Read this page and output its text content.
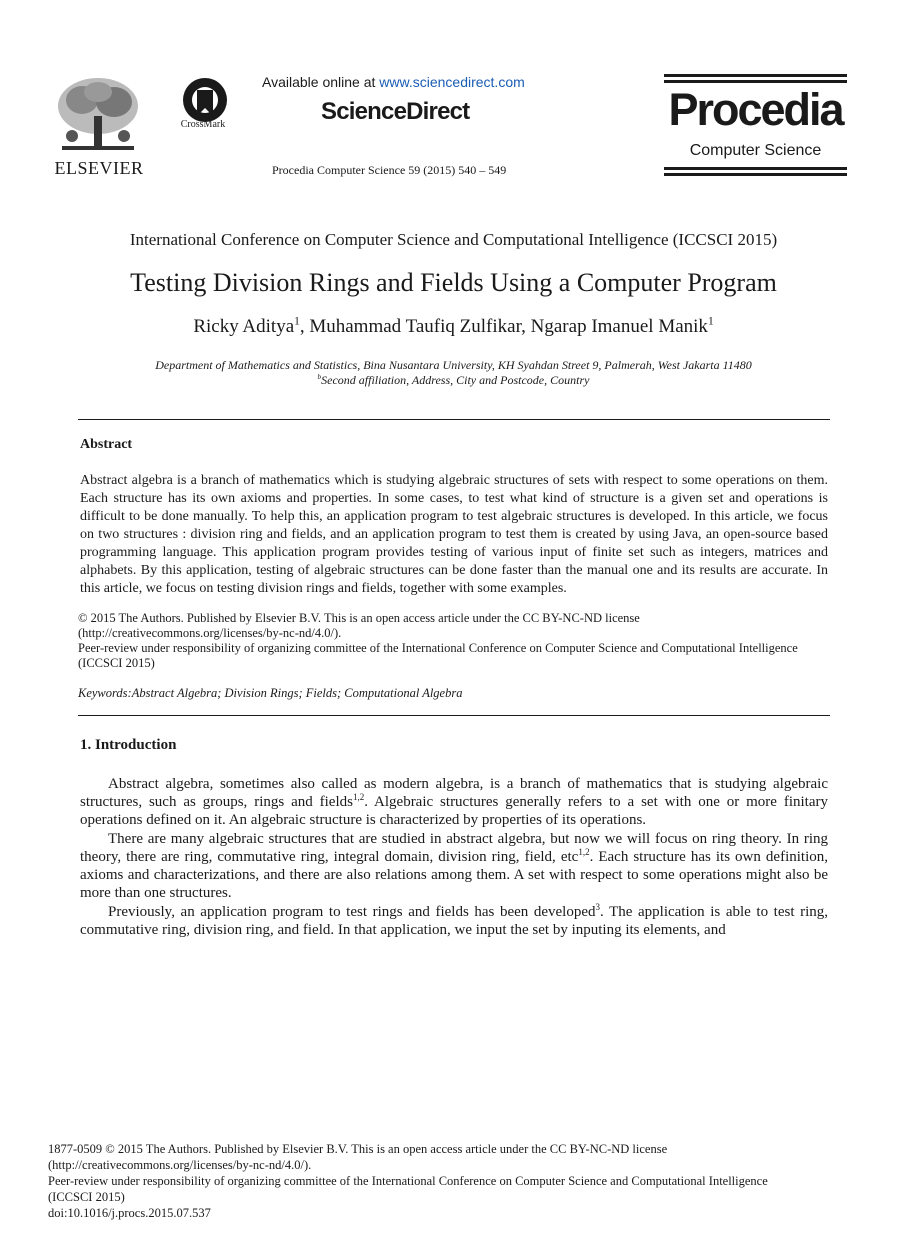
ELSEVIER
CrossMark
Available online at www.sciencedirect.com
ScienceDirect
Procedia Computer Science 59 (2015) 540 – 549
Procedia
Computer Science
International Conference on Computer Science and Computational Intelligence (ICCSCI 2015)
Testing Division Rings and Fields Using a Computer Program
Ricky Aditya$^1$, Muhammad Taufiq Zulfikar, Ngarap Imanuel Manik$^1$
Department of Mathematics and Statistics, Bina Nusantara University, KH Syahdan Street 9, Palmerah, West Jakarta 11480
$^b$Second affiliation, Address, City and Postcode, Country
Abstract
Abstract algebra is a branch of mathematics which is studying algebraic structures of sets with respect to some operations on them. Each structure has its own axioms and properties. In some cases, to test what kind of structure is a given set and operations is difficult to be done manually. To help this, an application program to test algebraic structures is developed. In this article, we focus on two structures : division ring and fields, and an application program to test them is created by using Java, an open-source based programming language. This application program provides testing of various input of finite set such as integers, matrices and alphabets. By this application, testing of algebraic structures can be done faster than the manual one and its results are accurate. In this article, we focus on testing division rings and fields, together with some examples.
© 2015 The Authors. Published by Elsevier B.V. This is an open access article under the CC BY-NC-ND license
(http://creativecommons.org/licenses/by-nc-nd/4.0/).
Peer-review under responsibility of organizing committee of the International Conference on Computer Science and Computational Intelligence (ICCSCI 2015)
Keywords:Abstract Algebra; Division Rings; Fields; Computational Algebra
1. Introduction
Abstract algebra, sometimes also called as modern algebra, is a branch of mathematics that is studying algebraic structures, such as groups, rings and fields$^{1,2}$. Algebraic structures generally refers to a set with one or more finitary operations defined on it. An algebraic structure is characterized by properties of its operations.
There are many algebraic structures that are studied in abstract algebra, but now we will focus on ring theory. In ring theory, there are ring, commutative ring, integral domain, division ring, field, etc$^{1,2}$. Each structure has its own definition, axioms and characterizations, and there are also relations among them. A set with respect to some operations might also be more than one structures.
Previously, an application program to test rings and fields has been developed$^3$. The application is able to test ring, commutative ring, division ring, and field. In that application, we input the set by inputing its elements, and
1877-0509 © 2015 The Authors. Published by Elsevier B.V. This is an open access article under the CC BY-NC-ND license
(http://creativecommons.org/licenses/by-nc-nd/4.0/).
Peer-review under responsibility of organizing committee of the International Conference on Computer Science and Computational Intelligence (ICCSCI 2015)
doi:10.1016/j.procs.2015.07.537
